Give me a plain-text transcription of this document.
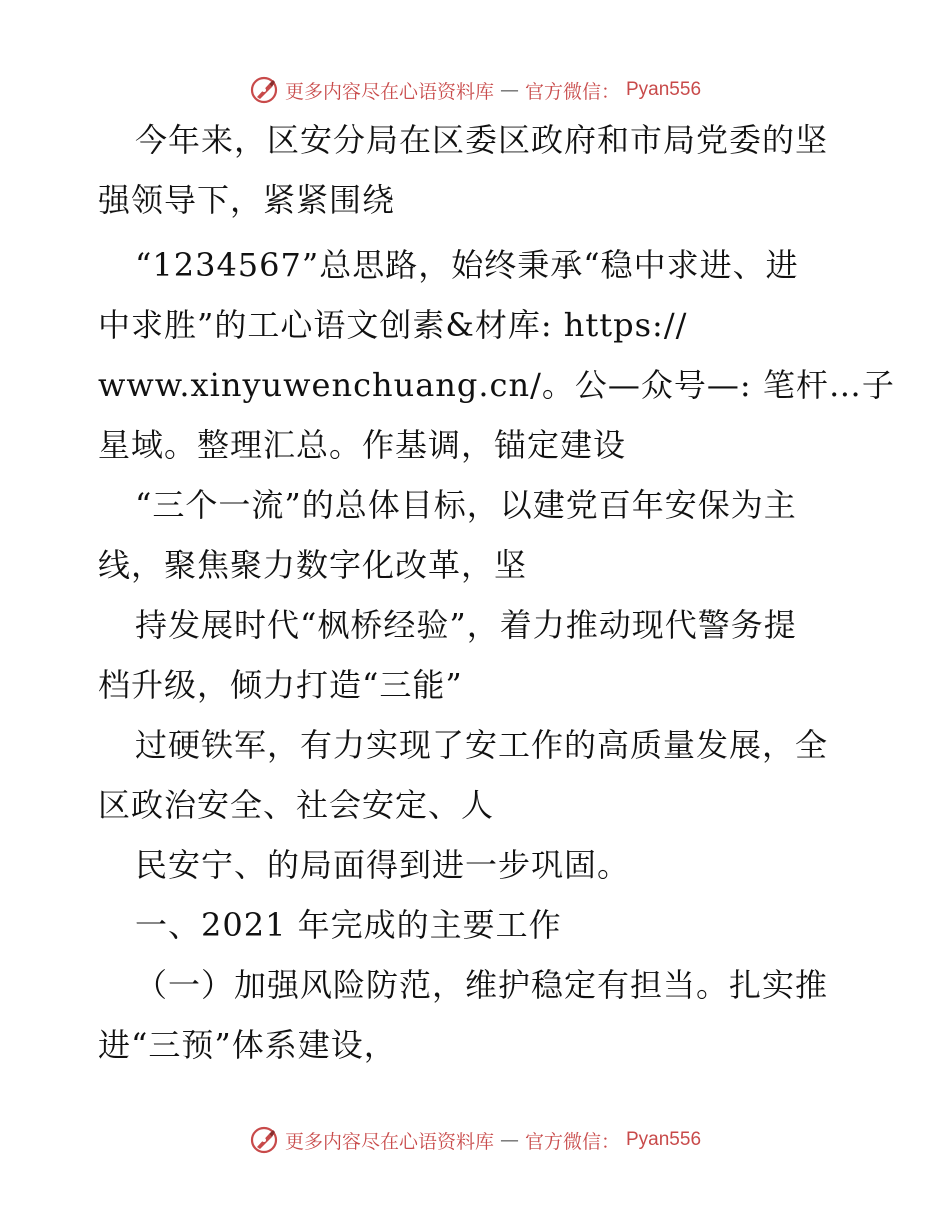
更多内容尽在心语资料库 — 官方微信： Pyan556
今年来，区安分局在区委区政府和市局党委的坚
强领导下，紧紧围绕
“1234567”总思路，始终秉承“稳中求进、进
中求胜”的工心语文创素&材库: https://
www.xinyuwenchuang.cn/。公—众号—: 笔杆…子
星域。整理汇总。作基调，锚定建设
“三个一流”的总体目标，以建党百年安保为主
线，聚焦聚力数字化改革，坚
持发展时代“枫桥经验”，着力推动现代警务提
档升级，倾力打造“三能”
过硬铁军，有力实现了安工作的高质量发展，全
区政治安全、社会安定、人
民安宁、的局面得到进一步巩固。
一、2021 年完成的主要工作
（一）加强风险防范，维护稳定有担当。扎实推
进“三预”体系建设，
更多内容尽在心语资料库 — 官方微信： Pyan556
